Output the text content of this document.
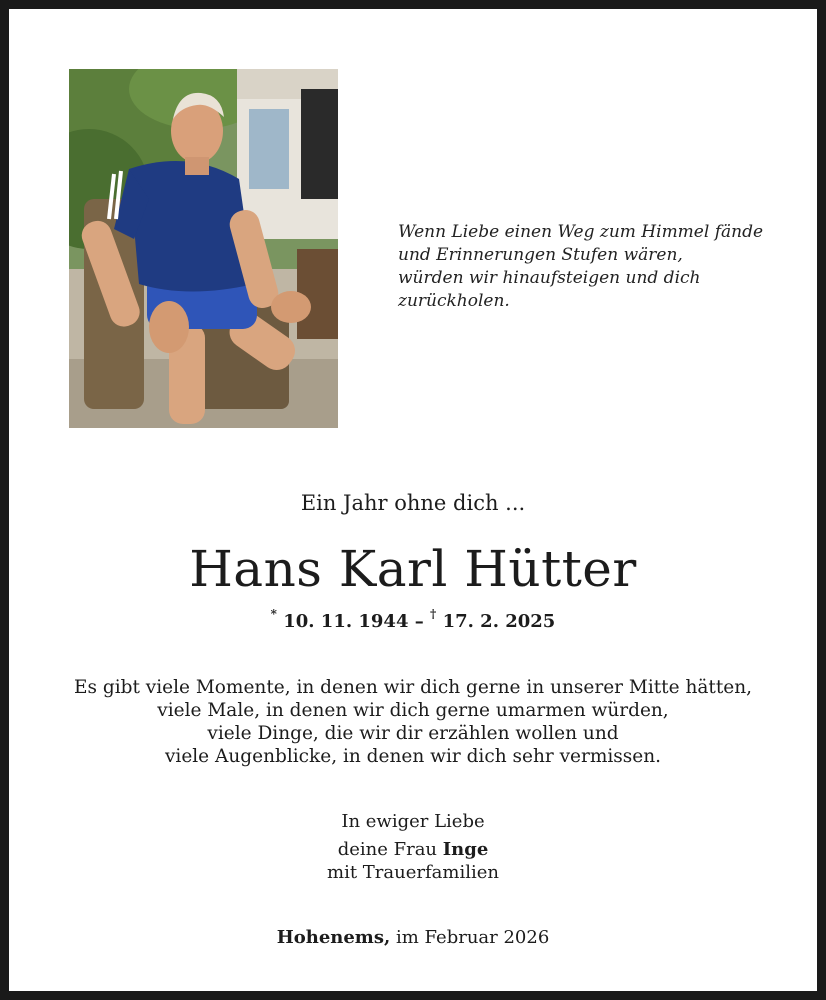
Wenn Liebe einen Weg zum Himmel fände
und Erinnerungen Stufen wären,
würden wir hinaufsteigen und dich
zurückholen.
Ein Jahr ohne dich ...
Hans Karl Hütter
* 10. 11. 1944 – † 17. 2. 2025
Es gibt viele Momente, in denen wir dich gerne in unserer Mitte hätten,
viele Male, in denen wir dich gerne umarmen würden,
viele Dinge, die wir dir erzählen wollen und
viele Augenblicke, in denen wir dich sehr vermissen.
In ewiger Liebe
deine Frau Inge
mit Trauerfamilien
Hohenems, im Februar 2026
